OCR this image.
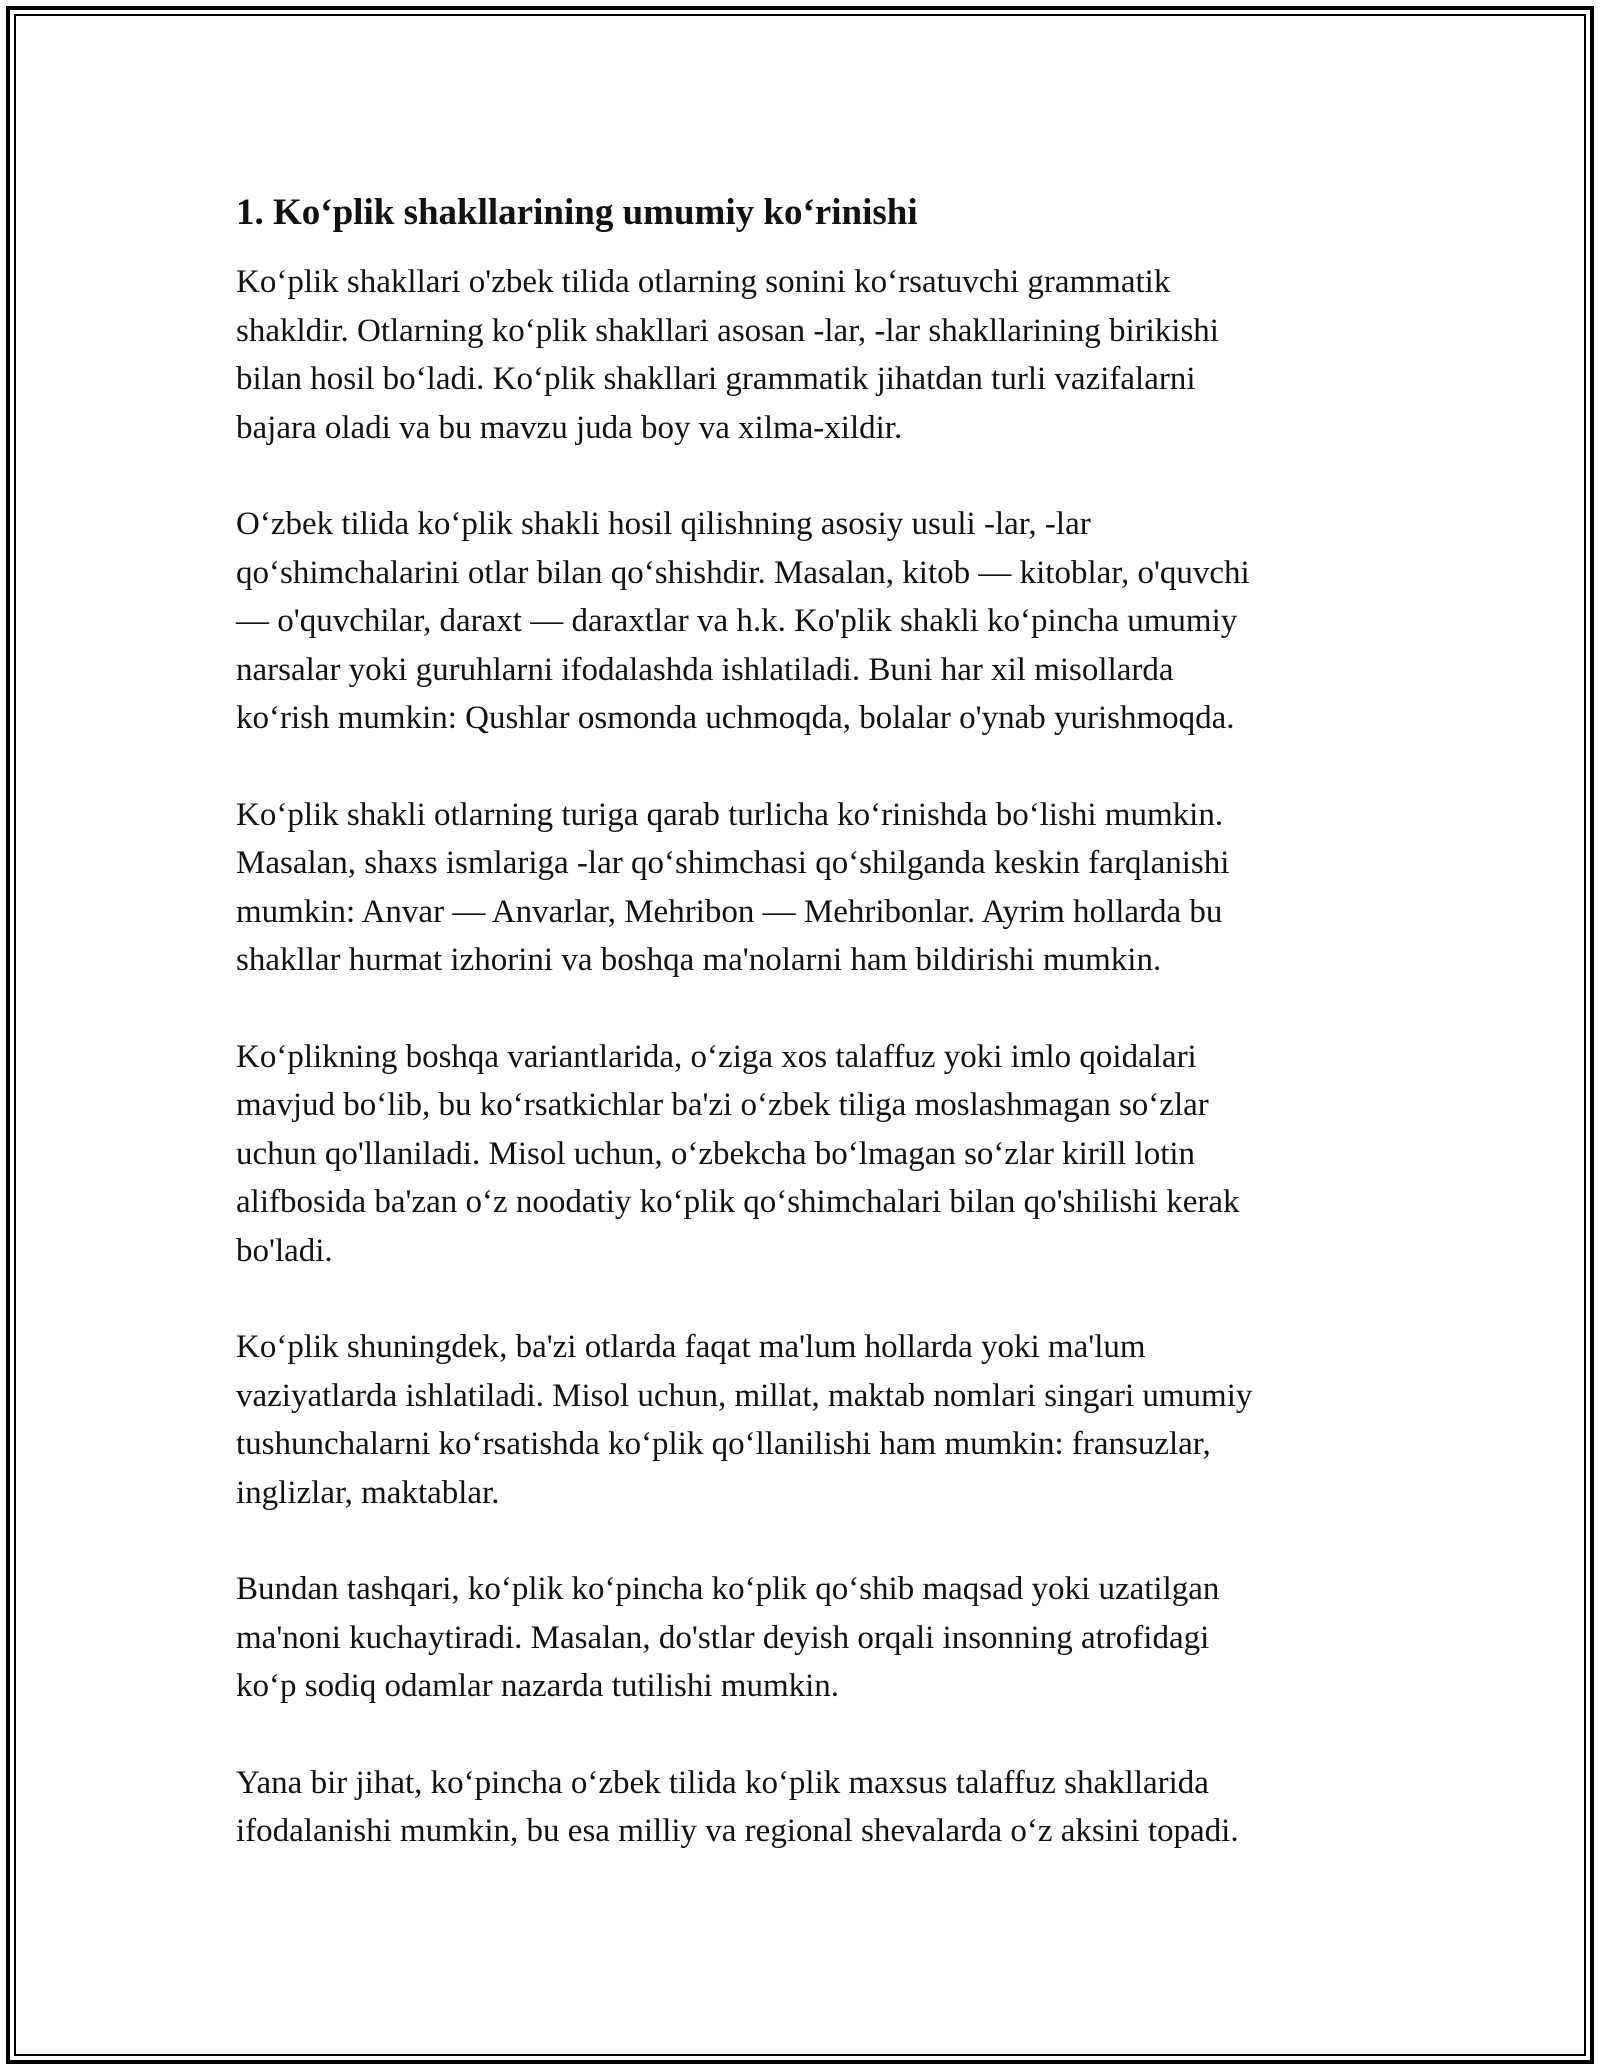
1. Ko‘plik shakllarining umumiy ko‘rinishi

Ko‘plik shakllari o'zbek tilida otlarning sonini ko‘rsatuvchi grammatik
shakldir. Otlarning ko‘plik shakllari asosan -lar, -lar shakllarining birikishi
bilan hosil bo‘ladi. Ko‘plik shakllari grammatik jihatdan turli vazifalarni
bajara oladi va bu mavzu juda boy va xilma-xildir.

O‘zbek tilida ko‘plik shakli hosil qilishning asosiy usuli -lar, -lar
qo‘shimchalarini otlar bilan qo‘shishdir. Masalan, kitob — kitoblar, o'quvchi
— o'quvchilar, daraxt — daraxtlar va h.k. Ko'plik shakli ko‘pincha umumiy
narsalar yoki guruhlarni ifodalashda ishlatiladi. Buni har xil misollarda
ko‘rish mumkin: Qushlar osmonda uchmoqda, bolalar o'ynab yurishmoqda.

Ko‘plik shakli otlarning turiga qarab turlicha ko‘rinishda bo‘lishi mumkin.
Masalan, shaxs ismlariga -lar qo‘shimchasi qo‘shilganda keskin farqlanishi
mumkin: Anvar — Anvarlar, Mehribon — Mehribonlar. Ayrim hollarda bu
shakllar hurmat izhorini va boshqa ma'nolarni ham bildirishi mumkin.

Ko‘plikning boshqa variantlarida, o‘ziga xos talaffuz yoki imlo qoidalari
mavjud bo‘lib, bu ko‘rsatkichlar ba'zi o‘zbek tiliga moslashmagan so‘zlar
uchun qo'llaniladi. Misol uchun, o‘zbekcha bo‘lmagan so‘zlar kirill lotin
alifbosida ba'zan o‘z noodatiy ko‘plik qo‘shimchalari bilan qo'shilishi kerak
bo'ladi.

Ko‘plik shuningdek, ba'zi otlarda faqat ma'lum hollarda yoki ma'lum
vaziyatlarda ishlatiladi. Misol uchun, millat, maktab nomlari singari umumiy
tushunchalarni ko‘rsatishda ko‘plik qo‘llanilishi ham mumkin: fransuzlar,
inglizlar, maktablar.

Bundan tashqari, ko‘plik ko‘pincha ko‘plik qo‘shib maqsad yoki uzatilgan
ma'noni kuchaytiradi. Masalan, do'stlar deyish orqali insonning atrofidagi
ko‘p sodiq odamlar nazarda tutilishi mumkin.

Yana bir jihat, ko‘pincha o‘zbek tilida ko‘plik maxsus talaffuz shakllarida
ifodalanishi mumkin, bu esa milliy va regional shevalarda o‘z aksini topadi.
